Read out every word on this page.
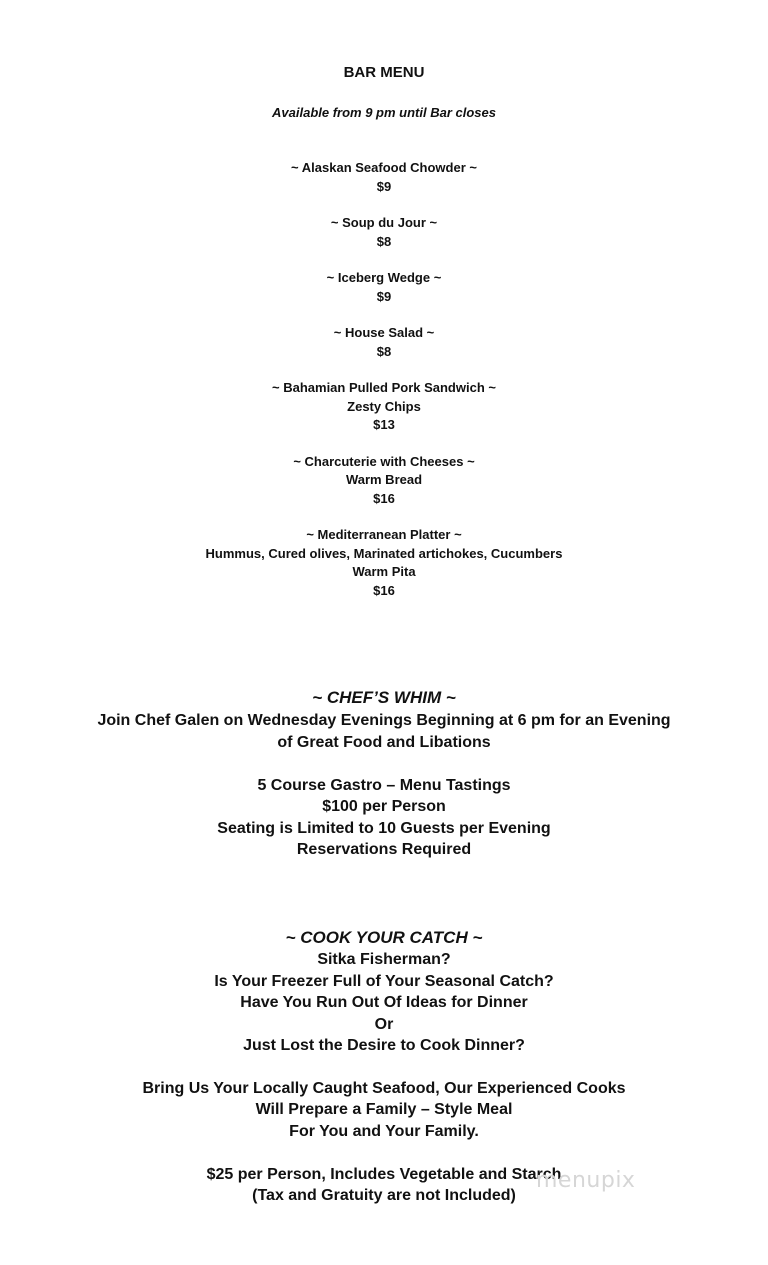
BAR MENU
Available from 9 pm until Bar closes
~ Alaskan Seafood Chowder ~
$9
~ Soup du Jour ~
$8
~ Iceberg Wedge ~
$9
~ House Salad ~
$8
~ Bahamian Pulled Pork Sandwich ~
Zesty Chips
$13
~ Charcuterie with Cheeses ~
Warm Bread
$16
~ Mediterranean Platter ~
Hummus, Cured olives, Marinated artichokes, Cucumbers
Warm Pita
$16
~ CHEF’S WHIM ~
Join Chef Galen on Wednesday Evenings Beginning at 6 pm for an Evening
of Great Food and Libations
5 Course Gastro – Menu Tastings
$100 per Person
Seating is Limited to 10 Guests per Evening
Reservations Required
~ COOK YOUR CATCH ~
Sitka Fisherman?
Is Your Freezer Full of Your Seasonal Catch?
Have You Run Out Of Ideas for Dinner
Or
Just Lost the Desire to Cook Dinner?
Bring Us Your Locally Caught Seafood, Our Experienced Cooks
Will Prepare a Family – Style Meal
For You and Your Family.
$25 per Person, Includes Vegetable and Starch
(Tax and Gratuity are not Included)
menupix
